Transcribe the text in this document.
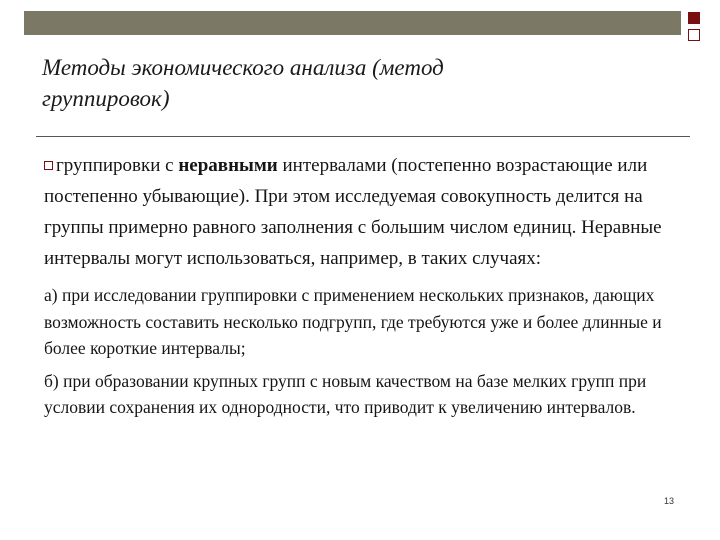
Методы экономического анализа (метод
группировок)

группировки с неравными интервалами (постепенно возрастающие или постепенно убывающие). При этом исследуемая совокупность делится на группы примерно равного заполнения с большим числом единиц. Неравные интервалы могут использоваться, например, в таких случаях:

а) при исследовании группировки с применением нескольких признаков, дающих возможность составить несколько подгрупп, где требуются уже и более длинные и более короткие интервалы;

б) при образовании крупных групп с новым качеством на базе мелких групп при условии сохранения их однородности, что приводит к увеличению интервалов.

13
